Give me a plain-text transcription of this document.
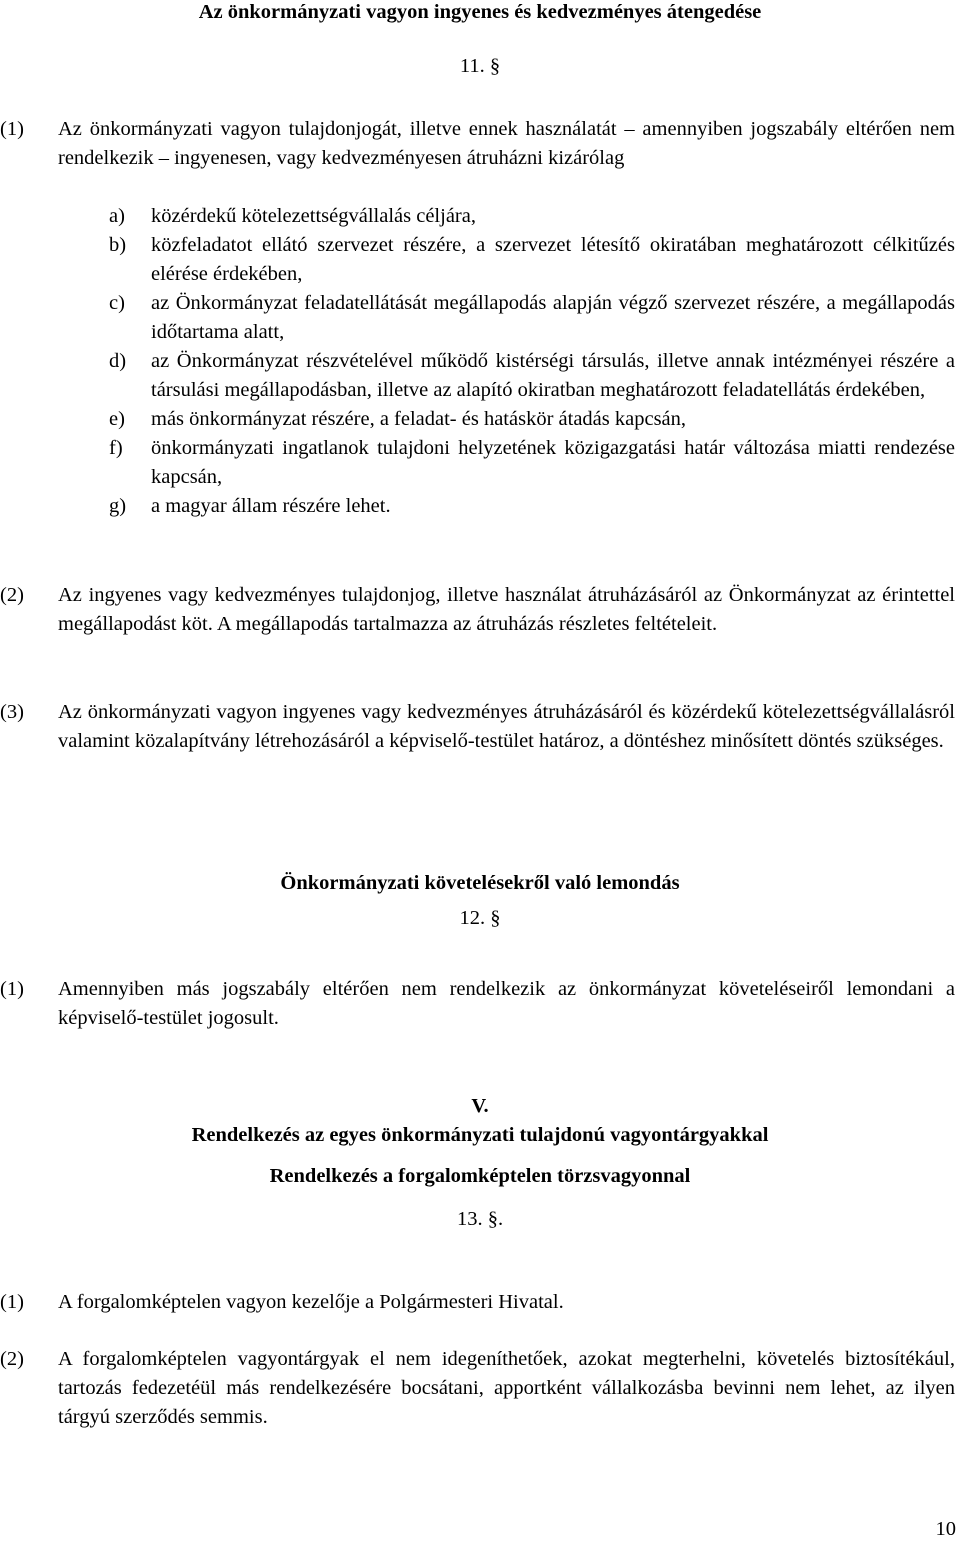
Az önkormányzati vagyon ingyenes és kedvezményes átengedése
11. §
(1) Az önkormányzati vagyon tulajdonjogát, illetve ennek használatát – amennyiben jogszabály eltérően nem rendelkezik – ingyenesen, vagy kedvezményesen átruházni kizárólag
a) közérdekű kötelezettségvállalás céljára,
b) közfeladatot ellátó szervezet részére, a szervezet létesítő okiratában meghatározott célkitűzés elérése érdekében,
c) az Önkormányzat feladatellátását megállapodás alapján végző szervezet részére, a megállapodás időtartama alatt,
d) az Önkormányzat részvételével működő kistérségi társulás, illetve annak intézményei részére a társulási megállapodásban, illetve az alapító okiratban meghatározott feladatellátás érdekében,
e) más önkormányzat részére, a feladat- és hatáskör átadás kapcsán,
f) önkormányzati ingatlanok tulajdoni helyzetének közigazgatási határ változása miatti rendezése kapcsán,
g) a magyar állam részére lehet.
(2) Az ingyenes vagy kedvezményes tulajdonjog, illetve használat átruházásáról az Önkormányzat az érintettel megállapodást köt. A megállapodás tartalmazza az átruházás részletes feltételeit.
(3) Az önkormányzati vagyon ingyenes vagy kedvezményes átruházásáról és közérdekű kötelezettségvállalásról valamint közalapítvány létrehozásáról a képviselő-testület határoz, a döntéshez minősített döntés szükséges.
Önkormányzati követelésekről való lemondás
12. §
(1) Amennyiben más jogszabály eltérően nem rendelkezik az önkormányzat követeléseiről lemondani a képviselő-testület jogosult.
V.
Rendelkezés az egyes önkormányzati tulajdonú vagyontárgyakkal
Rendelkezés a forgalomképtelen törzsvagyonnal
13. §.
(1) A forgalomképtelen vagyon kezelője a Polgármesteri Hivatal.
(2) A forgalomképtelen vagyontárgyak el nem idegeníthetőek, azokat megterhelni, követelés biztosítékául, tartozás fedezetéül más rendelkezésére bocsátani, apportként vállalkozásba bevinni nem lehet, az ilyen tárgyú szerződés semmis.
10
